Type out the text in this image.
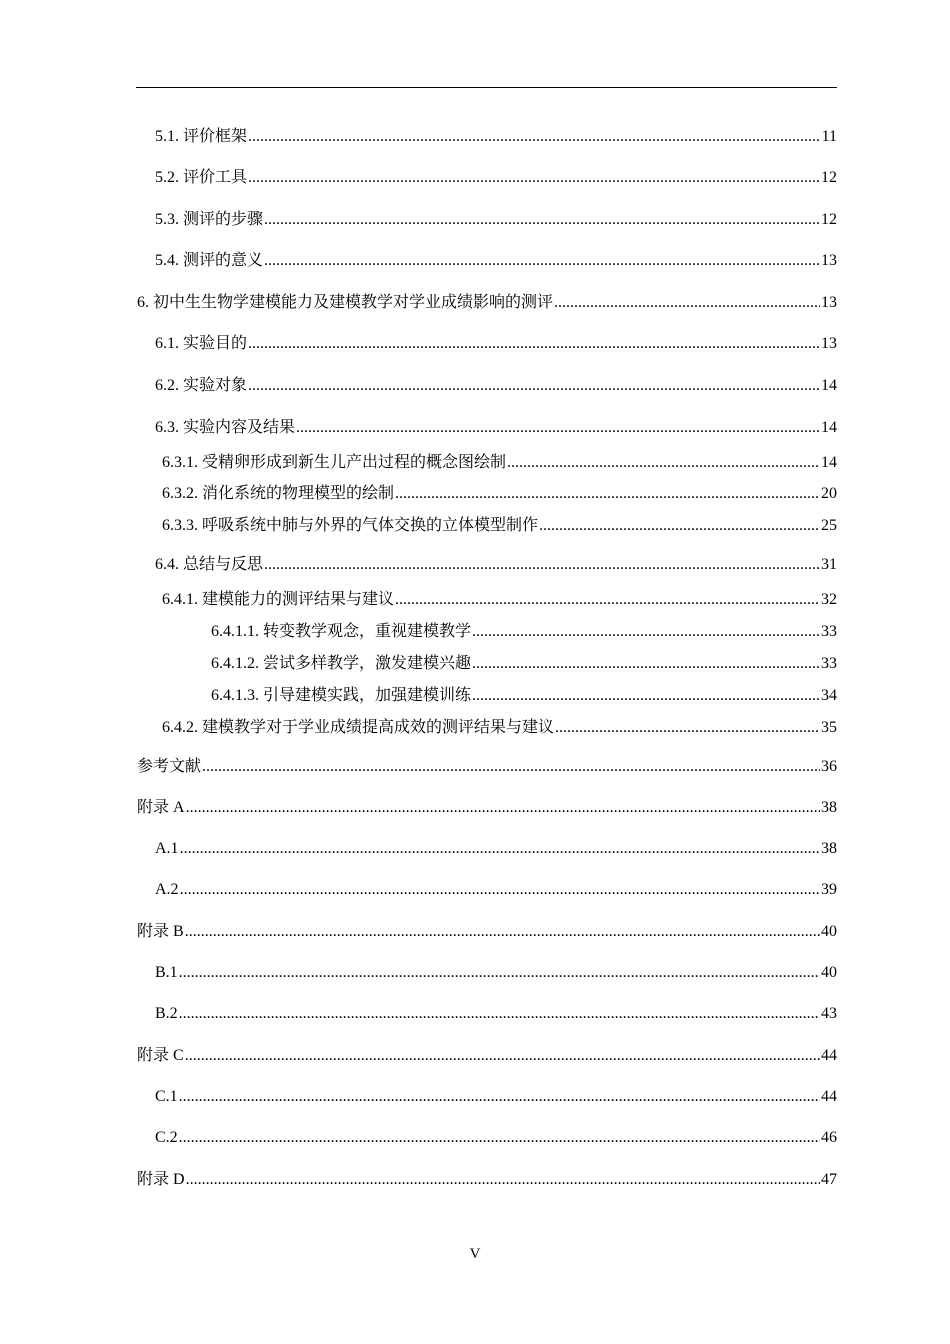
5.1. 评价框架 .....	11
5.2. 评价工具 .....	12
5.3. 测评的步骤 .....	12
5.4. 测评的意义 .....	13
6. 初中生生物学建模能力及建模教学对学业成绩影响的测评 .....	13
6.1. 实验目的 .....	13
6.2. 实验对象 .....	14
6.3. 实验内容及结果 .....	14
6.3.1. 受精卵形成到新生儿产出过程的概念图绘制 .....	14
6.3.2. 消化系统的物理模型的绘制 .....	20
6.3.3. 呼吸系统中肺与外界的气体交换的立体模型制作 .....	25
6.4. 总结与反思 .....	31
6.4.1. 建模能力的测评结果与建议 .....	32
6.4.1.1. 转变教学观念，重视建模教学 .....	33
6.4.1.2. 尝试多样教学，激发建模兴趣 .....	33
6.4.1.3. 引导建模实践，加强建模训练 .....	34
6.4.2. 建模教学对于学业成绩提高成效的测评结果与建议 .....	35
参考文献 .....	36
附录 A .....	38
A.1 .....	38
A.2 .....	39
附录 B .....	40
B.1 .....	40
B.2 .....	43
附录 C .....	44
C.1 .....	44
C.2 .....	46
附录 D .....	47
V
